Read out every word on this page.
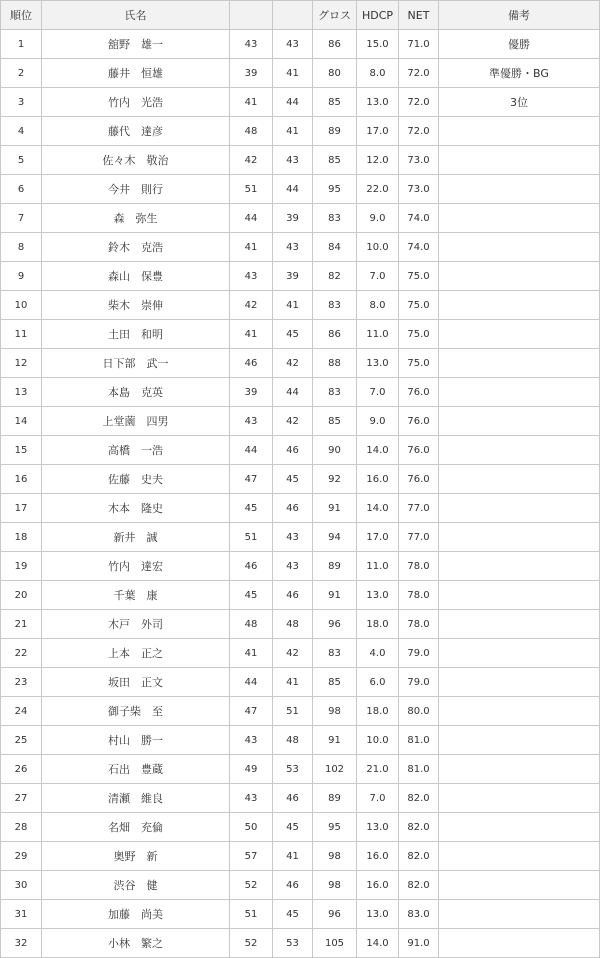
順位	氏名			グロス	HDCP	NET	備考
1	舘野　雄一	43	43	86	15.0	71.0	優勝
2	藤井　恒雄	39	41	80	8.0	72.0	準優勝・BG
3	竹内　光浩	41	44	85	13.0	72.0	3位
4	藤代　達彦	48	41	89	17.0	72.0	
5	佐々木　敬治	42	43	85	12.0	73.0	
6	今井　則行	51	44	95	22.0	73.0	
7	森　弥生	44	39	83	9.0	74.0	
8	鈴木　克浩	41	43	84	10.0	74.0	
9	森山　保豊	43	39	82	7.0	75.0	
10	柴木　崇伸	42	41	83	8.0	75.0	
11	土田　和明	41	45	86	11.0	75.0	
12	日下部　武一	46	42	88	13.0	75.0	
13	本島　克英	39	44	83	7.0	76.0	
14	上堂薗　四男	43	42	85	9.0	76.0	
15	高橋　一浩	44	46	90	14.0	76.0	
16	佐藤　史夫	47	45	92	16.0	76.0	
17	木本　隆史	45	46	91	14.0	77.0	
18	新井　誠	51	43	94	17.0	77.0	
19	竹内　達宏	46	43	89	11.0	78.0	
20	千葉　康	45	46	91	13.0	78.0	
21	木戸　外司	48	48	96	18.0	78.0	
22	上本　正之	41	42	83	4.0	79.0	
23	坂田　正文	44	41	85	6.0	79.0	
24	御子柴　至	47	51	98	18.0	80.0	
25	村山　勝一	43	48	91	10.0	81.0	
26	石出　豊蔵	49	53	102	21.0	81.0	
27	清瀬　維良	43	46	89	7.0	82.0	
28	名畑　充倫	50	45	95	13.0	82.0	
29	奥野　新	57	41	98	16.0	82.0	
30	渋谷　健	52	46	98	16.0	82.0	
31	加藤　尚美	51	45	96	13.0	83.0	
32	小林　繁之	52	53	105	14.0	91.0	
